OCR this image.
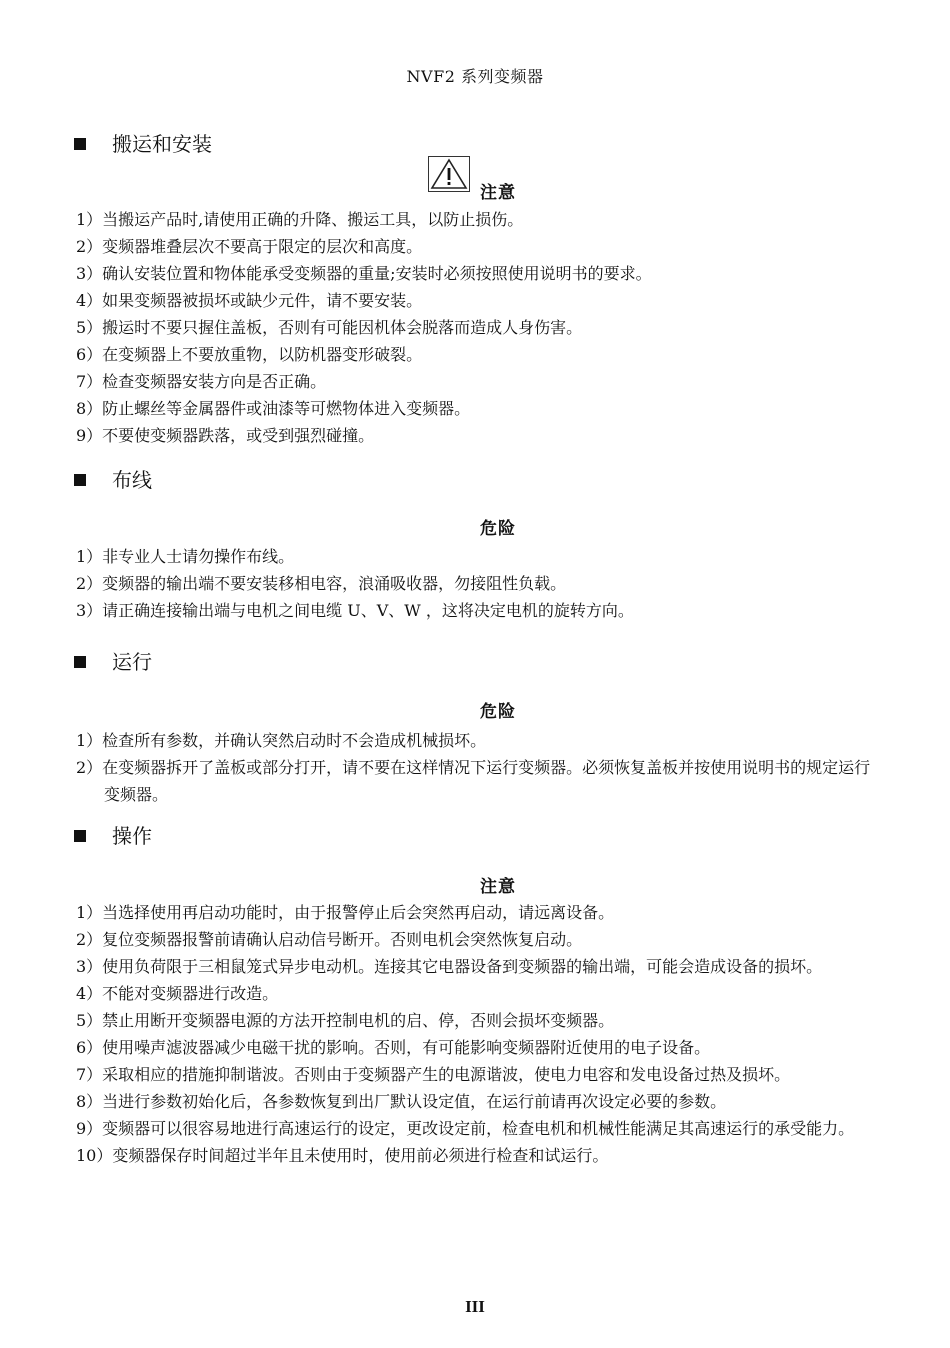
NVF2 系列变频器
搬运和安装
注意
1）当搬运产品时,请使用正确的升降、搬运工具，以防止损伤。
2）变频器堆叠层次不要高于限定的层次和高度。
3）确认安装位置和物体能承受变频器的重量;安装时必须按照使用说明书的要求。
4）如果变频器被损坏或缺少元件，请不要安装。
5）搬运时不要只握住盖板，否则有可能因机体会脱落而造成人身伤害。
6）在变频器上不要放重物，以防机器变形破裂。
7）检查变频器安装方向是否正确。
8）防止螺丝等金属器件或油漆等可燃物体进入变频器。
9）不要使变频器跌落，或受到强烈碰撞。
布线
危险
1）非专业人士请勿操作布线。
2）变频器的输出端不要安装移相电容，浪涌吸收器，勿接阻性负载。
3）请正确连接输出端与电机之间电缆 U、V、W ，这将决定电机的旋转方向。
运行
危险
1）检查所有参数，并确认突然启动时不会造成机械损坏。
2）在变频器拆开了盖板或部分打开，请不要在这样情况下运行变频器。必须恢复盖板并按使用说明书的规定运行变频器。
操作
注意
1）当选择使用再启动功能时，由于报警停止后会突然再启动，请远离设备。
2）复位变频器报警前请确认启动信号断开。否则电机会突然恢复启动。
3）使用负荷限于三相鼠笼式异步电动机。连接其它电器设备到变频器的输出端，可能会造成设备的损坏。
4）不能对变频器进行改造。
5）禁止用断开变频器电源的方法开控制电机的启、停，否则会损坏变频器。
6）使用噪声滤波器减少电磁干扰的影响。否则，有可能影响变频器附近使用的电子设备。
7）采取相应的措施抑制谐波。否则由于变频器产生的电源谐波，使电力电容和发电设备过热及损坏。
8）当进行参数初始化后，各参数恢复到出厂默认设定值，在运行前请再次设定必要的参数。
9）变频器可以很容易地进行高速运行的设定，更改设定前，检查电机和机械性能满足其高速运行的承受能力。
10）变频器保存时间超过半年且未使用时，使用前必须进行检查和试运行。
III
